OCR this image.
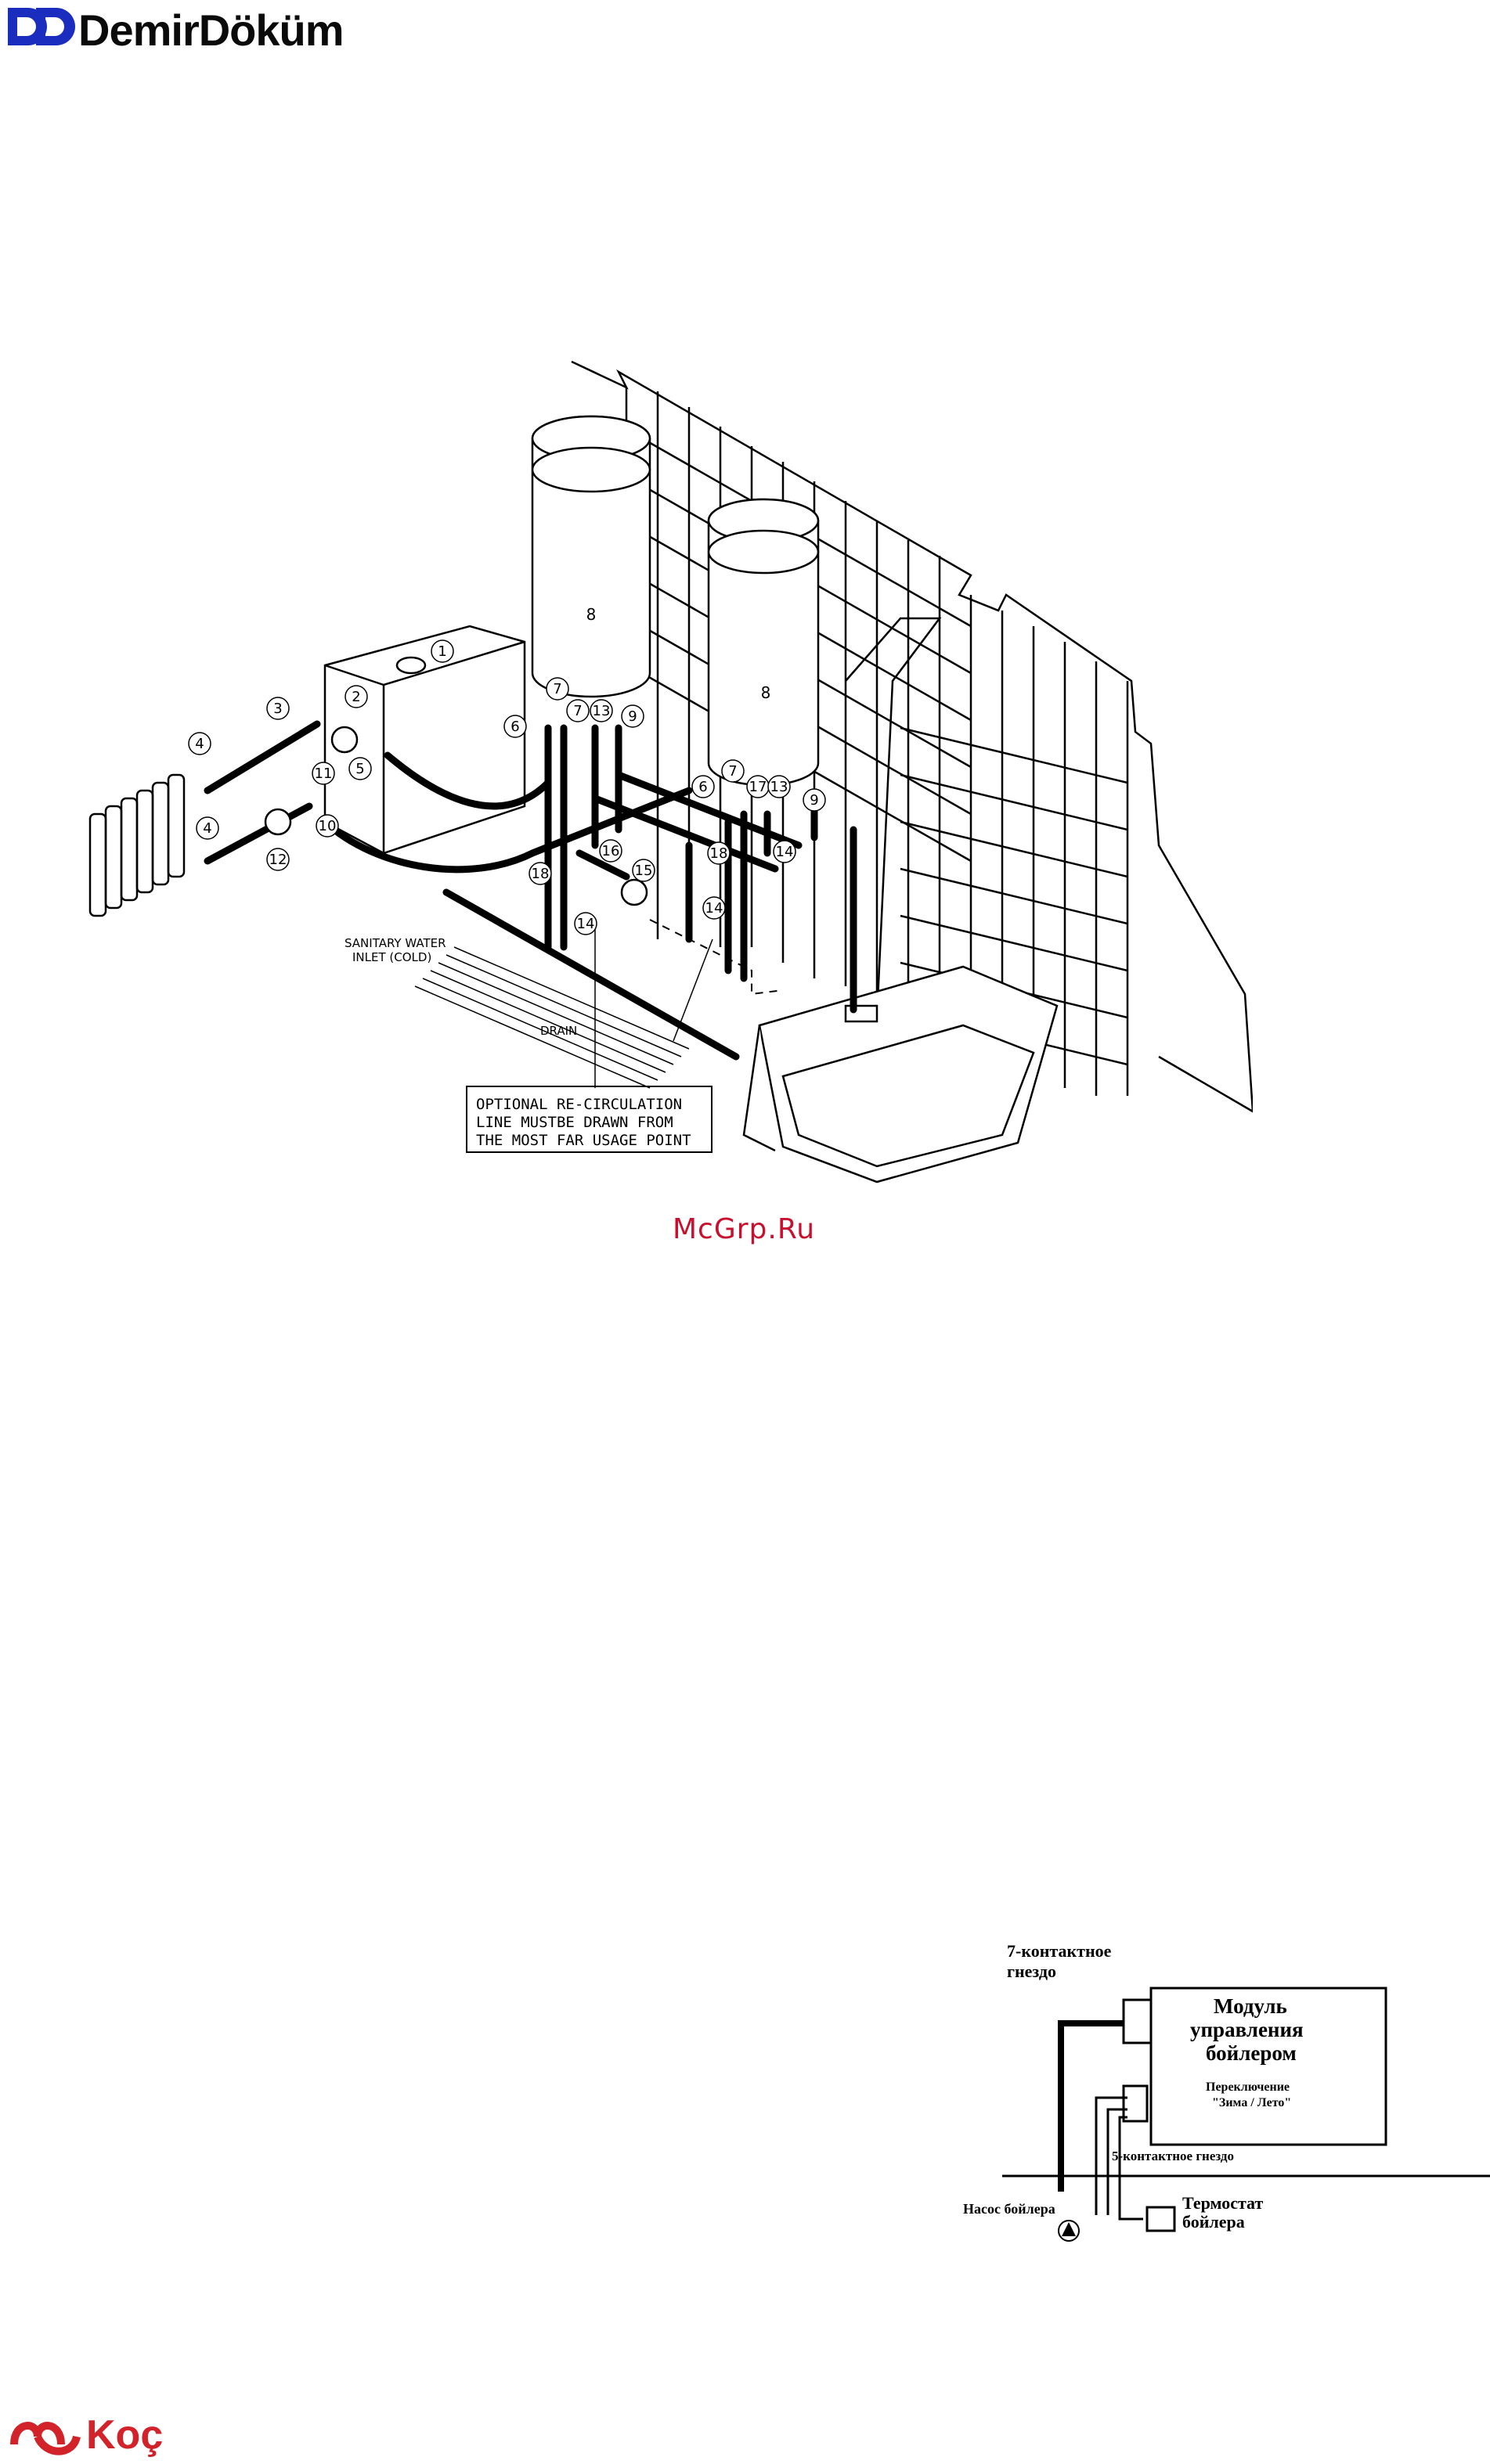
DemirDöküm
8
8
1
2
3
4
4
5
6
7
7 13 9
11
10
12
18
16
15
14
6
7
17 13
9
18
14
14
SANITARY WATER
INLET (COLD)
DRAIN
OPTIONAL RE-CIRCULATION
LINE MUSTBE DRAWN FROM
THE MOST FAR USAGE POINT
McGrp.Ru
7-контактное
гнездо
Модуль
управления
бойлером
Переключение
"Зима / Лето"
5-контактное гнездо
Насос бойлера	Термостат
бойлера
Koç
